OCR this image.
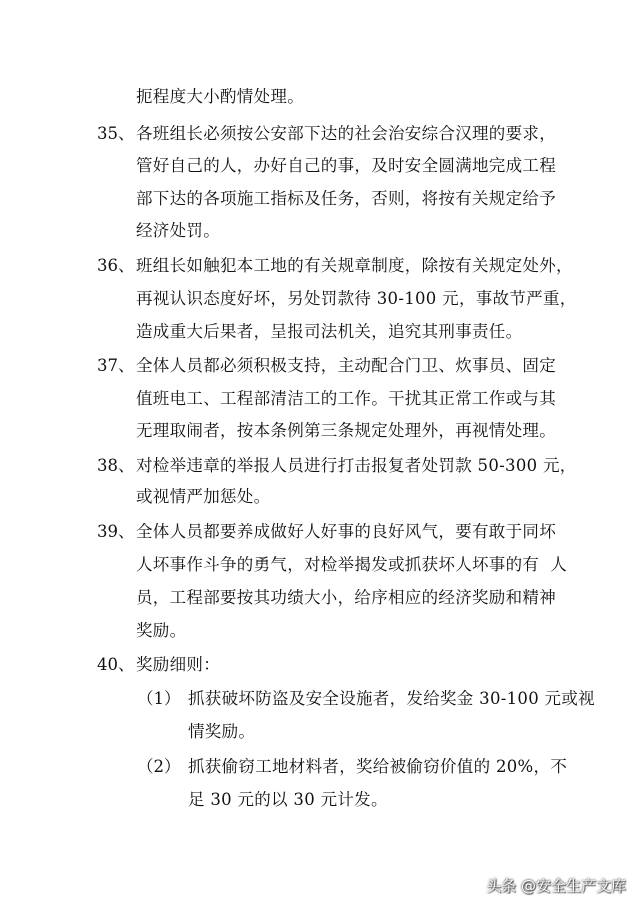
扼程度大小酌情处理。
35、 各班组长必须按公安部下达的社会治安综合汉理的要求，
管好自己的人，办好自己的事，及时安全圆满地完成工程
部下达的各项施工指标及任务，否则，将按有关规定给予
经济处罚。
36、 班组长如触犯本工地的有关规章制度，除按有关规定处外，
再视认识态度好坏，另处罚款待 30-100 元，事故节严重，
造成重大后果者，呈报司法机关，追究其刑事责任。
37、 全体人员都必须积极支持，主动配合门卫、炊事员、固定
值班电工、工程部清洁工的工作。干扰其正常工作或与其
无理取闹者，按本条例第三条规定处理外，再视情处理。
38、 对检举违章的举报人员进行打击报复者处罚款 50-300 元，
或视情严加惩处。
39、 全体人员都要养成做好人好事的良好风气，要有敢于同坏
人坏事作斗争的勇气，对检举揭发或抓获坏人坏事的有  人
员，工程部要按其功绩大小，给序相应的经济奖励和精神
奖励。
40、 奖励细则：
（1） 抓获破坏防盗及安全设施者，发给奖金 30-100 元或视
情奖励。
（2） 抓获偷窃工地材料者，奖给被偷窃价值的 20%，不
足 30 元的以 30 元计发。
头条 @安全生产文库
